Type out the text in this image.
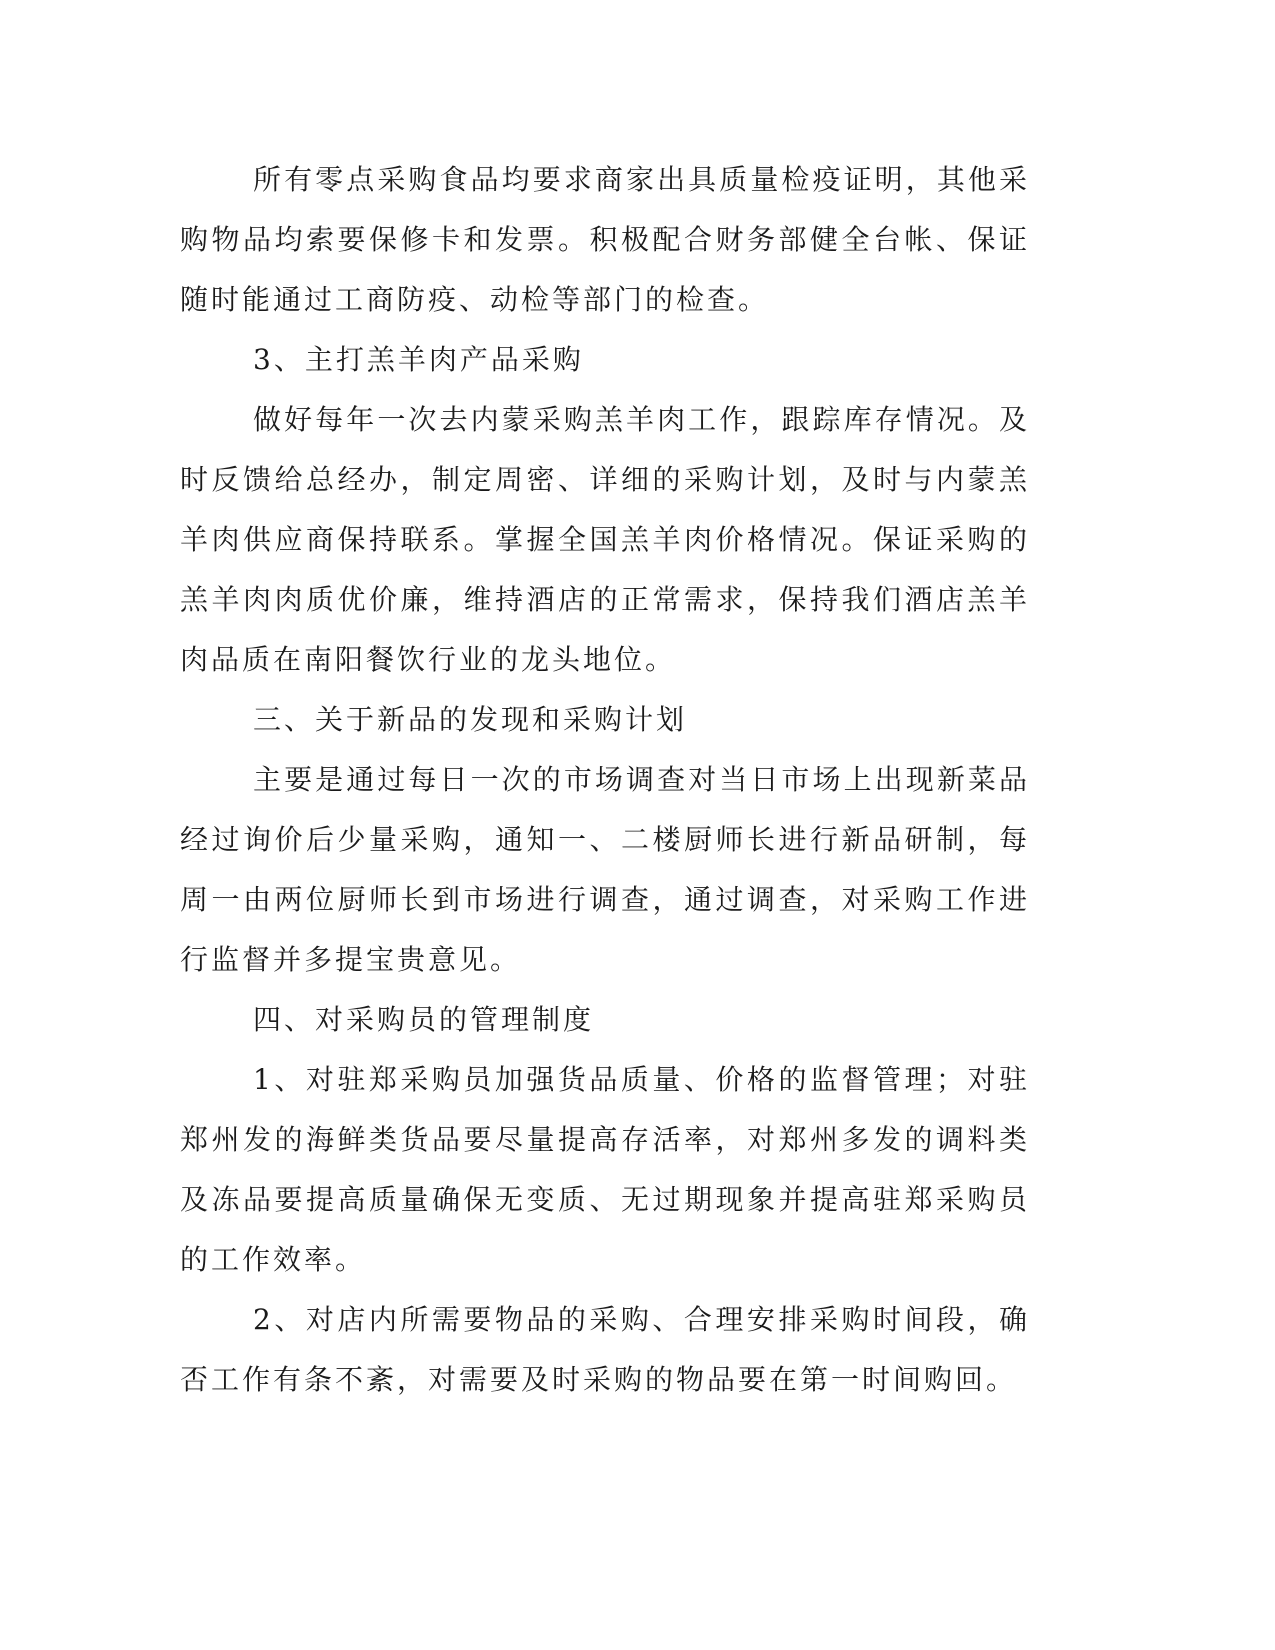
所有零点采购食品均要求商家出具质量检疫证明，其他采购物品均索要保修卡和发票。积极配合财务部健全台帐、保证随时能通过工商防疫、动检等部门的检查。

3、主打羔羊肉产品采购

做好每年一次去内蒙采购羔羊肉工作，跟踪库存情况。及时反馈给总经办，制定周密、详细的采购计划，及时与内蒙羔羊肉供应商保持联系。掌握全国羔羊肉价格情况。保证采购的羔羊肉肉质优价廉，维持酒店的正常需求，保持我们酒店羔羊肉品质在南阳餐饮行业的龙头地位。

三、关于新品的发现和采购计划

主要是通过每日一次的市场调查对当日市场上出现新菜品经过询价后少量采购，通知一、二楼厨师长进行新品研制，每周一由两位厨师长到市场进行调查，通过调查，对采购工作进行监督并多提宝贵意见。

四、对采购员的管理制度

1、对驻郑采购员加强货品质量、价格的监督管理；对驻郑州发的海鲜类货品要尽量提高存活率，对郑州多发的调料类及冻品要提高质量确保无变质、无过期现象并提高驻郑采购员的工作效率。

2、对店内所需要物品的采购、合理安排采购时间段，确否工作有条不紊，对需要及时采购的物品要在第一时间购回。
